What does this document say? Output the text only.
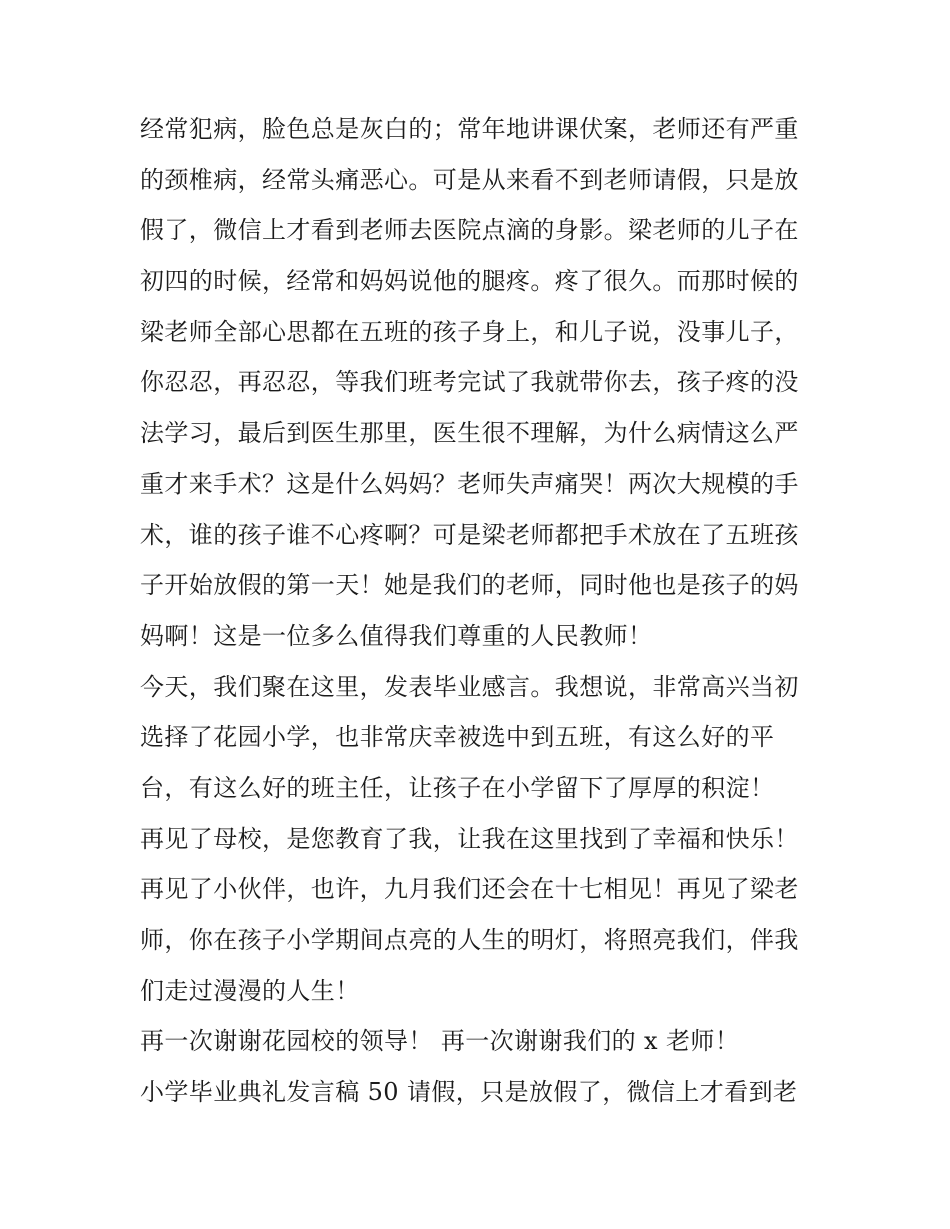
经常犯病，脸色总是灰白的；常年地讲课伏案，老师还有严重
的颈椎病，经常头痛恶心。可是从来看不到老师请假，只是放
假了，微信上才看到老师去医院点滴的身影。梁老师的儿子在
初四的时候，经常和妈妈说他的腿疼。疼了很久。而那时候的
梁老师全部心思都在五班的孩子身上，和儿子说，没事儿子，
你忍忍，再忍忍，等我们班考完试了我就带你去，孩子疼的没
法学习，最后到医生那里，医生很不理解，为什么病情这么严
重才来手术？这是什么妈妈？老师失声痛哭！两次大规模的手
术，谁的孩子谁不心疼啊？可是梁老师都把手术放在了五班孩
子开始放假的第一天！她是我们的老师，同时他也是孩子的妈
妈啊！这是一位多么值得我们尊重的人民教师！
今天，我们聚在这里，发表毕业感言。我想说，非常高兴当初
选择了花园小学，也非常庆幸被选中到五班，有这么好的平
台，有这么好的班主任，让孩子在小学留下了厚厚的积淀！
再见了母校，是您教育了我，让我在这里找到了幸福和快乐！
再见了小伙伴，也许，九月我们还会在十七相见！再见了梁老
师，你在孩子小学期间点亮的人生的明灯，将照亮我们，伴我
们走过漫漫的人生！
再一次谢谢花园校的领导！ 再一次谢谢我们的 x 老师！
小学毕业典礼发言稿 50 请假，只是放假了，微信上才看到老
